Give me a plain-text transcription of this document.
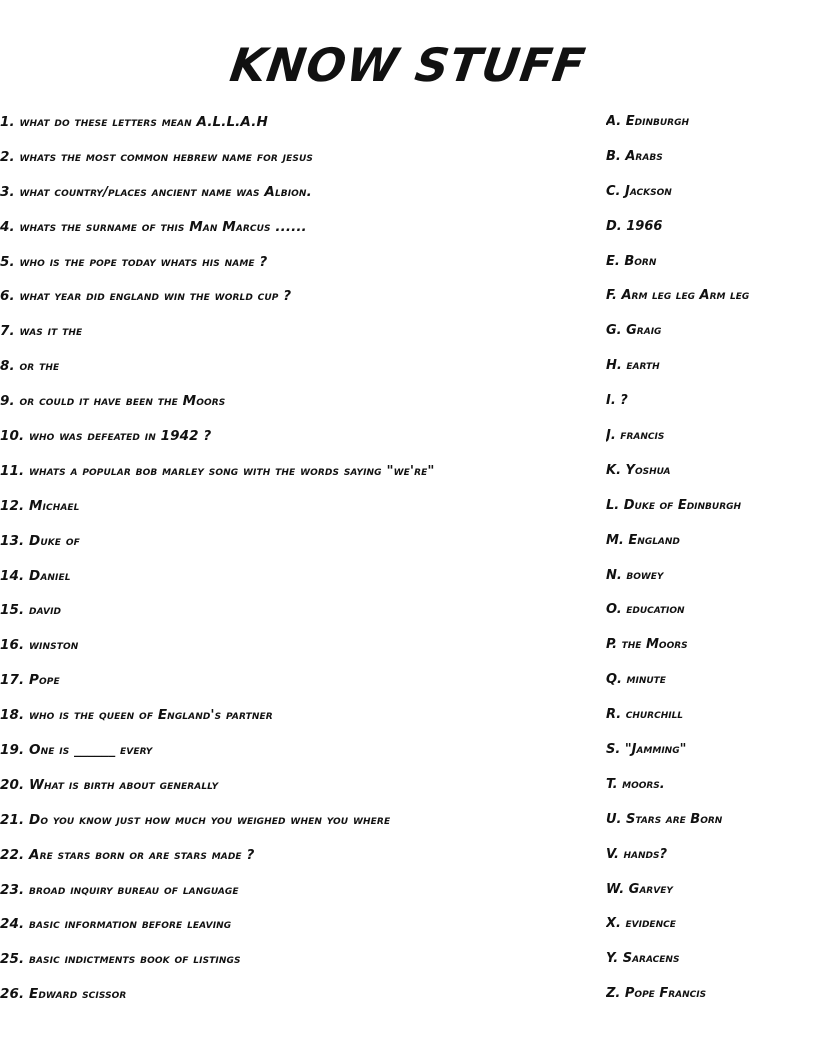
KNOW STUFF
1. what do these letters mean A.L.L.A.H
2. whats the most common hebrew name for jesus
3. what country/places ancient name was Albion.
4. whats the surname of this Man Marcus ......
5. who is the pope today whats his name ?
6. what year did england win the world cup ?
7. was it the
8. or the
9. or could it have been the Moors
10. who was defeated in 1942 ?
11. whats a popular bob marley song with the words saying "we're"
12. Michael
13. Duke of
14. Daniel
15. david
16. winston
17. Pope
18. who is the queen of England's partner
19. One is ______ every
20. What is birth about generally
21. Do you know just how much you weighed when you where
22. Are stars born or are stars made ?
23. broad inquiry bureau of language
24. basic information before leaving
25. basic indictments book of listings
26. Edward scissor
A. Edinburgh
B. Arabs
C. Jackson
D. 1966
E. Born
F. Arm leg leg Arm leg
G. Graig
H. earth
I. ?
J. francis
K. Yoshua
L. Duke of Edinburgh
M. England
N. bowey
O. education
P. the Moors
Q. minute
R. churchill
S. "Jamming"
T. moors.
U. Stars are Born
V. hands?
W. Garvey
X. evidence
Y. Saracens
Z. Pope Francis
